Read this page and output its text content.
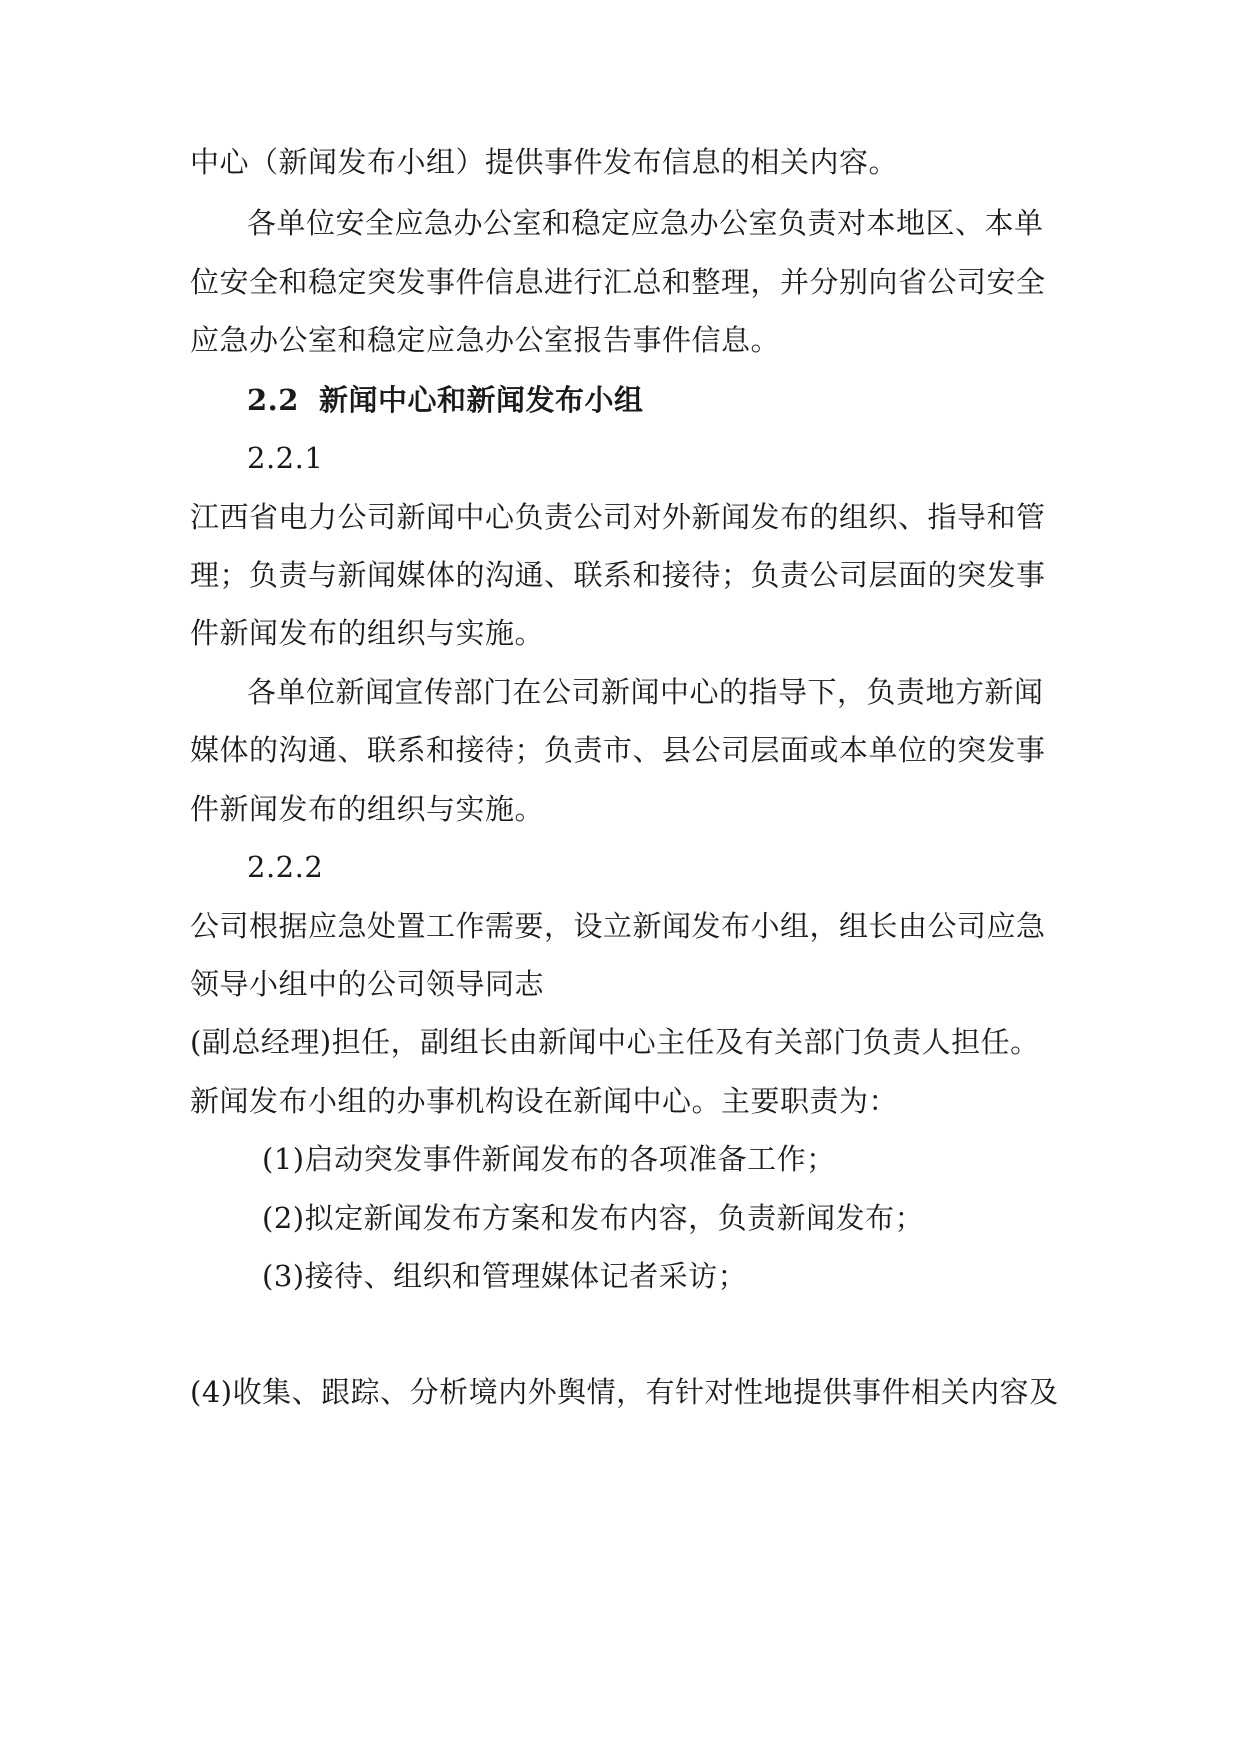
中心（新闻发布小组）提供事件发布信息的相关内容。
各单位安全应急办公室和稳定应急办公室负责对本地区、本单
位安全和稳定突发事件信息进行汇总和整理，并分别向省公司安全
应急办公室和稳定应急办公室报告事件信息。
2.2 新闻中心和新闻发布小组
2.2.1
江西省电力公司新闻中心负责公司对外新闻发布的组织、指导和管
理；负责与新闻媒体的沟通、联系和接待；负责公司层面的突发事
件新闻发布的组织与实施。
各单位新闻宣传部门在公司新闻中心的指导下，负责地方新闻
媒体的沟通、联系和接待；负责市、县公司层面或本单位的突发事
件新闻发布的组织与实施。
2.2.2
公司根据应急处置工作需要，设立新闻发布小组，组长由公司应急
领导小组中的公司领导同志
(副总经理)担任，副组长由新闻中心主任及有关部门负责人担任。
新闻发布小组的办事机构设在新闻中心。主要职责为：
(1)启动突发事件新闻发布的各项准备工作；
(2)拟定新闻发布方案和发布内容，负责新闻发布；
(3)接待、组织和管理媒体记者采访；
(4)收集、跟踪、分析境内外舆情，有针对性地提供事件相关内容及
